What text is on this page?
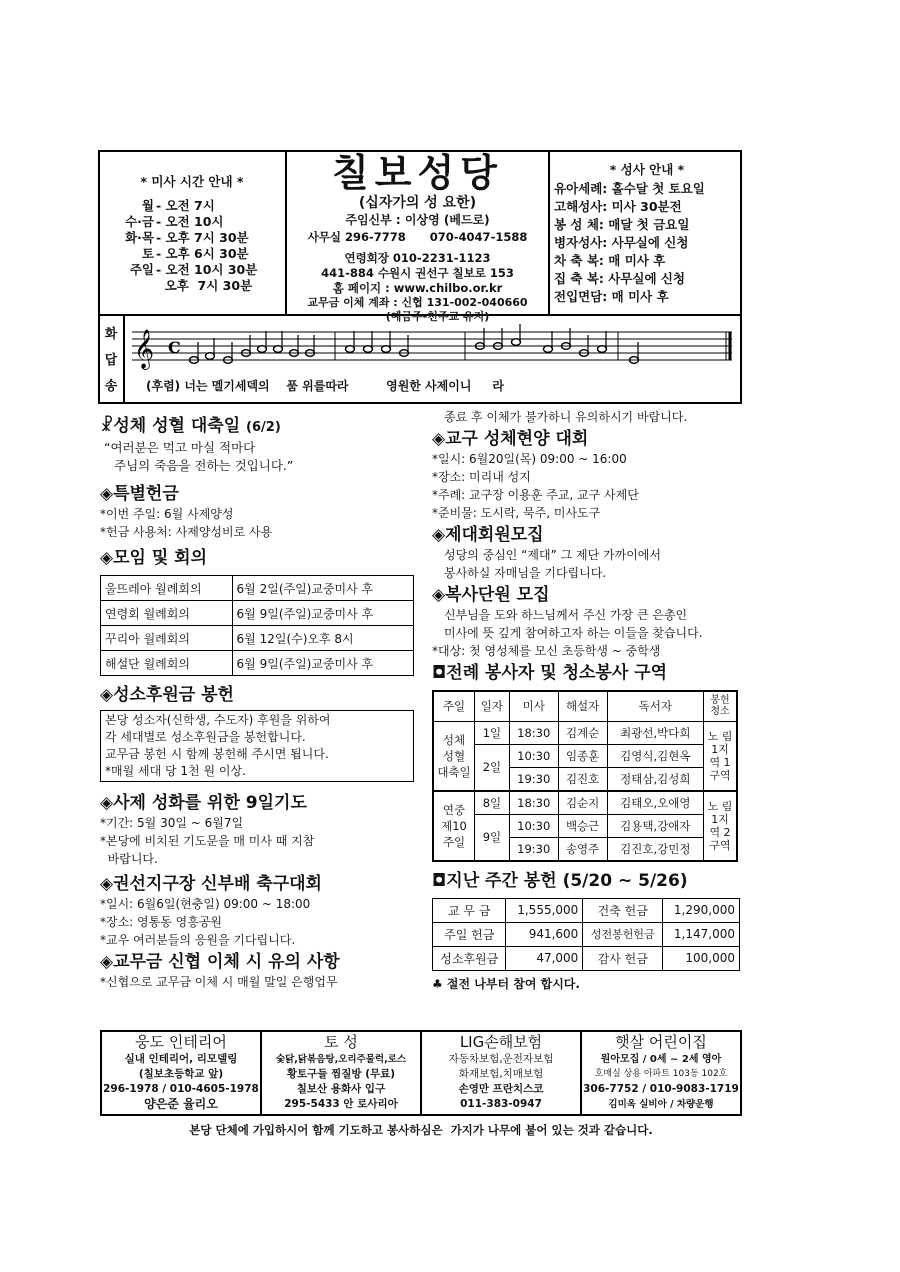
* 미사 시간 안내 *
월 - 오전 7시
수·금 - 오전 10시
화·목 - 오후 7시 30분
토 - 오후 6시 30분
주일 - 오전 10시 30분
오후  7시 30분
칠보성당
(십자가의 성 요한)
주임신부 : 이상영 (베드로)
사무실 296-7778      070-4047-1588
연령회장 010-2231-1123
441-884 수원시 권선구 칠보로 153
홈 페이지 : www.chilbo.or.kr
교무금 이체 계좌 : 신협 131-002-040660
(예금주-천주교 유지)
* 성사 안내 *
유아세례: 홀수달 첫 토요일
고해성사: 미사 30분전
봉 성 체: 매달 첫 금요일
병자성사: 사무실에 신청
차 축 복: 매 미사 후
집 축 복: 사무실에 신청
전입면담: 매 미사 후
화
답
송
𝄞 C
(후렴) 너는 멜기세덱의    품 위를따라         영원한 사제이니     라
☧성체 성혈 대축일 (6/2)
“여러분은 먹고 마실 적마다
주님의 죽음을 전하는 것입니다.”
◈특별헌금
*이번 주일: 6월 사제양성
*헌금 사용처: 사제양성비로 사용
◈모임 및 회의
울뜨레아 월례회의	6월 2일(주일)교중미사 후
연령회 월례회의	6월 9일(주일)교중미사 후
꾸리아 월례회의	6월 12일(수)오후 8시
해설단 월례회의	6월 9일(주일)교중미사 후
◈성소후원금 봉헌
본당 성소자(신학생, 수도자) 후원을 위하여
각 세대별로 성소후원금을 봉헌합니다.
교무금 봉헌 시 함께 봉헌해 주시면 됩니다.
*매월 세대 당 1천 원 이상.
◈사제 성화를 위한 9일기도
*기간: 5월 30일 ~ 6월7일
*본당에 비치된 기도문을 매 미사 때 지참
바랍니다.
◈권선지구장 신부배 축구대회
*일시: 6월6일(현충일) 09:00 ~ 18:00
*장소: 영통동 영흥공원
*교우 여러분들의 응원을 기다립니다.
◈교무금 신협 이체 시 유의 사항
*신협으로 교무금 이체 시 매월 말일 은행업무
종료 후 이체가 불가하니 유의하시기 바랍니다.
◈교구 성체현양 대회
*일시: 6월20일(목) 09:00 ~ 16:00
*장소: 미리내 성지
*주례: 교구장 이용훈 주교, 교구 사제단
*준비물: 도시락, 묵주, 미사도구
◈제대회원모집
성당의 중심인 “제대” 그 제단 가까이에서
봉사하실 자매님을 기다립니다.
◈복사단원 모집
신부님을 도와 하느님께서 주신 가장 큰 은총인
미사에 뜻 깊게 참여하고자 하는 이들을 찾습니다.
*대상: 첫 영성체를 모신 초등학생 ~ 중학생
◘전례 봉사자 및 청소봉사 구역
주일	일자	미사	해설자	독서자	봉헌청소
성체 성혈 대축일	1일	18:30	김계순	최광선,박다희	노 림 1지역 1구역
	2일	10:30	임종훈	김영식,김현옥	
		19:30	김진호	정태삼,김성희	
연중 제10 주일	8일	18:30	김순지	김태오,오애영	노 림 1지역 2구역
	9일	10:30	백승근	김용택,강애자	
		19:30	송영주	김진호,강민정	
◘지난 주간 봉헌 (5/20 ~ 5/26)
교 무 금	1,555,000	건축 헌금	1,290,000
주일 헌금	941,600	성전봉헌헌금	1,147,000
성소후원금	47,000	감사 헌금	100,000
♣ 절전 나부터 참여 합시다.
웅도 인테리어
실내 인테리어, 리모델링
(칠보초등학교 앞)
296-1978 / 010-4605-1978
양은준 율리오
토 성
숯닭,닭볶음탕,오리주물럭,로스
황토구들 찜질방 (무료)
칠보산 용화사 입구
295-5433 안 로사리아
LIG손해보험
자동차보험,운전자보험
화재보험,치매보험
손영만 프란치스코
011-383-0947
햇살 어린이집
원아모집 / 0세 ~ 2세 영아
호매실 상용 아파트 103동 102호
306-7752 / 010-9083-1719
김미옥 실비아 / 차량운행
본당 단체에 가입하시어 함께 기도하고 봉사하심은  가지가 나무에 붙어 있는 것과 같습니다.
